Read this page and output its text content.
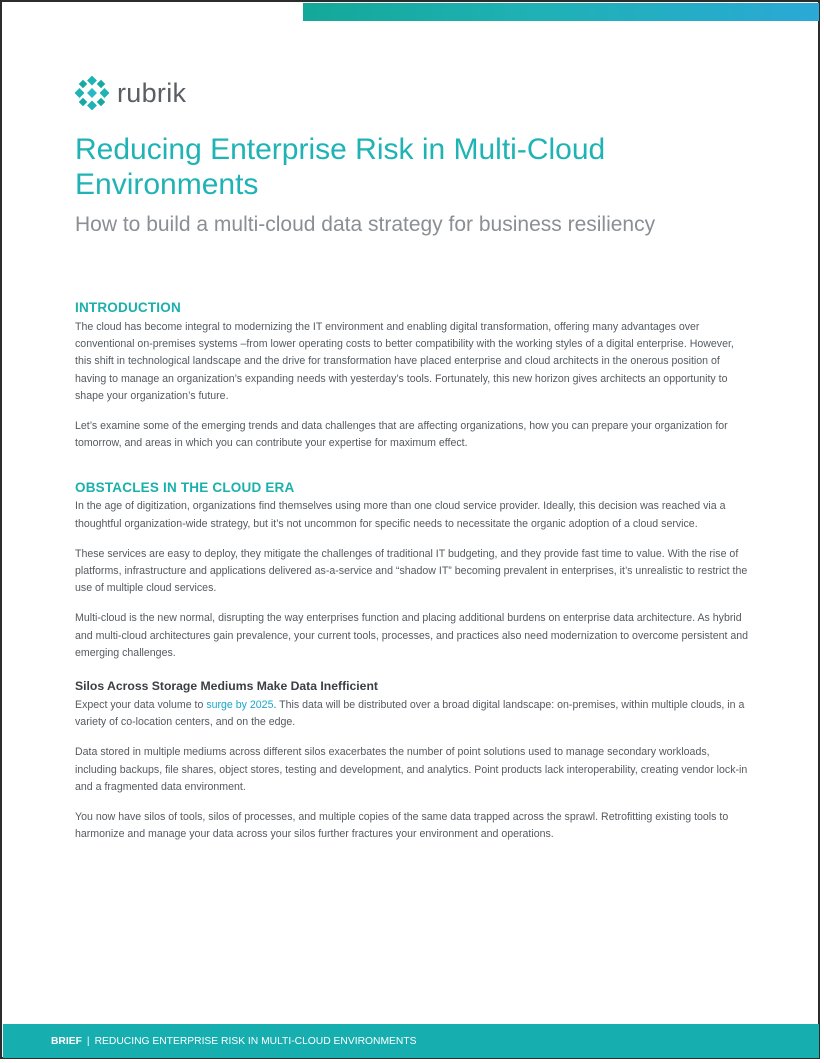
rubrik
Reducing Enterprise Risk in Multi-Cloud Environments
How to build a multi-cloud data strategy for business resiliency
INTRODUCTION

The cloud has become integral to modernizing the IT environment and enabling digital transformation, offering many advantages over conventional on-premises systems –from lower operating costs to better compatibility with the working styles of a digital enterprise. However, this shift in technological landscape and the drive for transformation have placed enterprise and cloud architects in the onerous position of having to manage an organization’s expanding needs with yesterday’s tools. Fortunately, this new horizon gives architects an opportunity to shape your organization’s future.

Let’s examine some of the emerging trends and data challenges that are affecting organizations, how you can prepare your organization for tomorrow, and areas in which you can contribute your expertise for maximum effect.

OBSTACLES IN THE CLOUD ERA

In the age of digitization, organizations find themselves using more than one cloud service provider. Ideally, this decision was reached via a thoughtful organization-wide strategy, but it’s not uncommon for specific needs to necessitate the organic adoption of a cloud service.

These services are easy to deploy, they mitigate the challenges of traditional IT budgeting, and they provide fast time to value. With the rise of platforms, infrastructure and applications delivered as-a-service and “shadow IT” becoming prevalent in enterprises, it’s unrealistic to restrict the use of multiple cloud services.

Multi-cloud is the new normal, disrupting the way enterprises function and placing additional burdens on enterprise data architecture. As hybrid and multi-cloud architectures gain prevalence, your current tools, processes, and practices also need modernization to overcome persistent and emerging challenges.

Silos Across Storage Mediums Make Data Inefficient

Expect your data volume to surge by 2025. This data will be distributed over a broad digital landscape: on-premises, within multiple clouds, in a variety of co-location centers, and on the edge.

Data stored in multiple mediums across different silos exacerbates the number of point solutions used to manage secondary workloads, including backups, file shares, object stores, testing and development, and analytics. Point products lack interoperability, creating vendor lock-in and a fragmented data environment.

You now have silos of tools, silos of processes, and multiple copies of the same data trapped across the sprawl. Retrofitting existing tools to harmonize and manage your data across your silos further fractures your environment and operations.

BRIEF | REDUCING ENTERPRISE RISK IN MULTI-CLOUD ENVIRONMENTS
